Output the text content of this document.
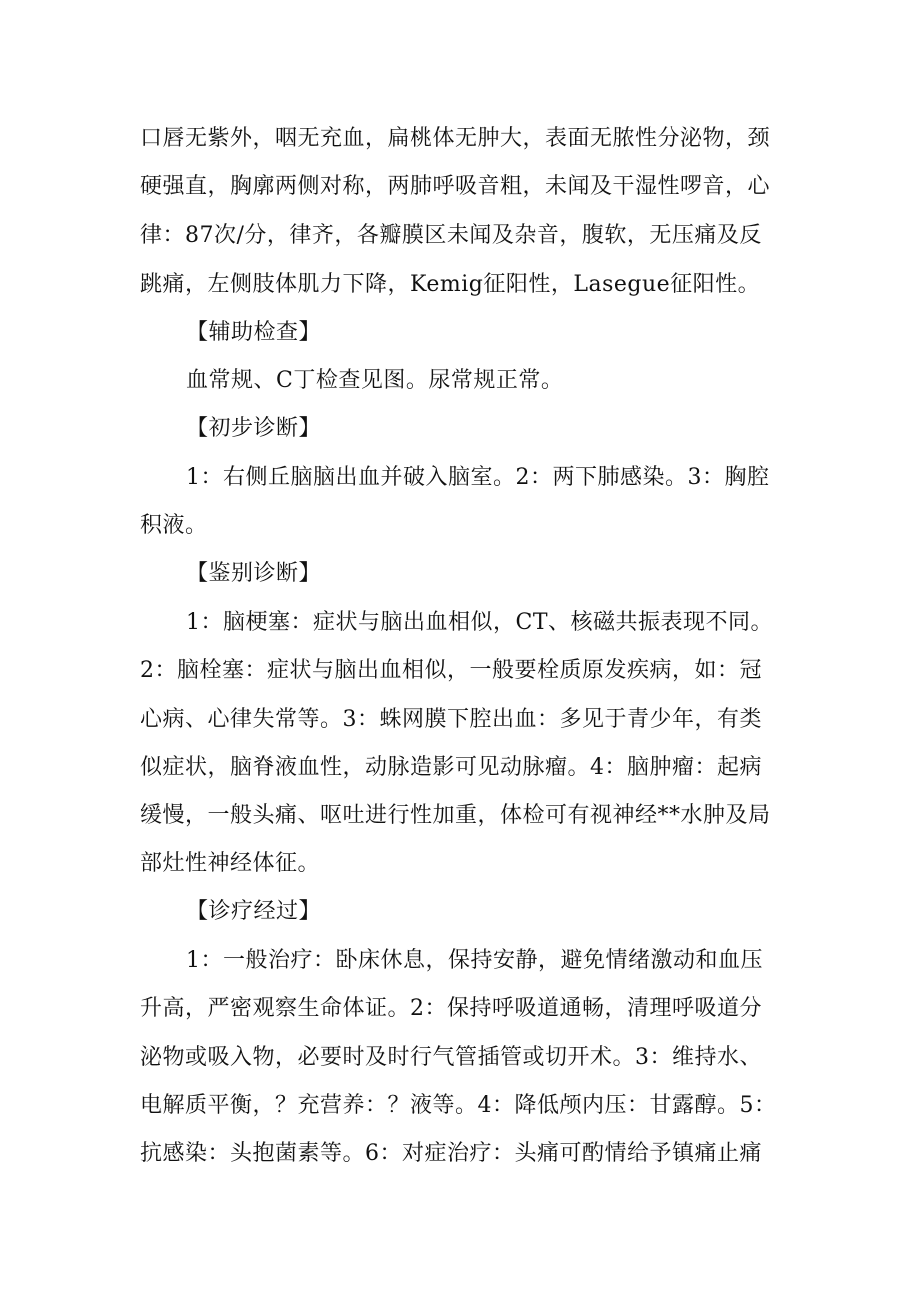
口唇无紫外，咽无充血，扁桃体无肿大，表面无脓性分泌物，颈
硬强直，胸廓两侧对称，两肺呼吸音粗，未闻及干湿性啰音，心
律：87次/分，律齐，各瓣膜区未闻及杂音，腹软，无压痛及反
跳痛，左侧肢体肌力下降，Kemig征阳性，Lasegue征阳性。
【辅助检查】
血常规、C丁检查见图。尿常规正常。
【初步诊断】
1：右侧丘脑脑出血并破入脑室。2：两下肺感染。3：胸腔
积液。
【鉴别诊断】
1：脑梗塞：症状与脑出血相似，CT、核磁共振表现不同。
2：脑栓塞：症状与脑出血相似，一般要栓质原发疾病，如：冠
心病、心律失常等。3：蛛网膜下腔出血：多见于青少年，有类
似症状，脑脊液血性，动脉造影可见动脉瘤。4：脑肿瘤：起病
缓慢，一般头痛、呕吐进行性加重，体检可有视神经**水肿及局
部灶性神经体征。
【诊疗经过】
1：一般治疗：卧床休息，保持安静，避免情绪激动和血压
升高，严密观察生命体证。2：保持呼吸道通畅，清理呼吸道分
泌物或吸入物，必要时及时行气管插管或切开术。3：维持水、
电解质平衡，？充营养：？液等。4：降低颅内压：甘露醇。5：
抗感染：头抱菌素等。6：对症治疗：头痛可酌情给予镇痛止痛
